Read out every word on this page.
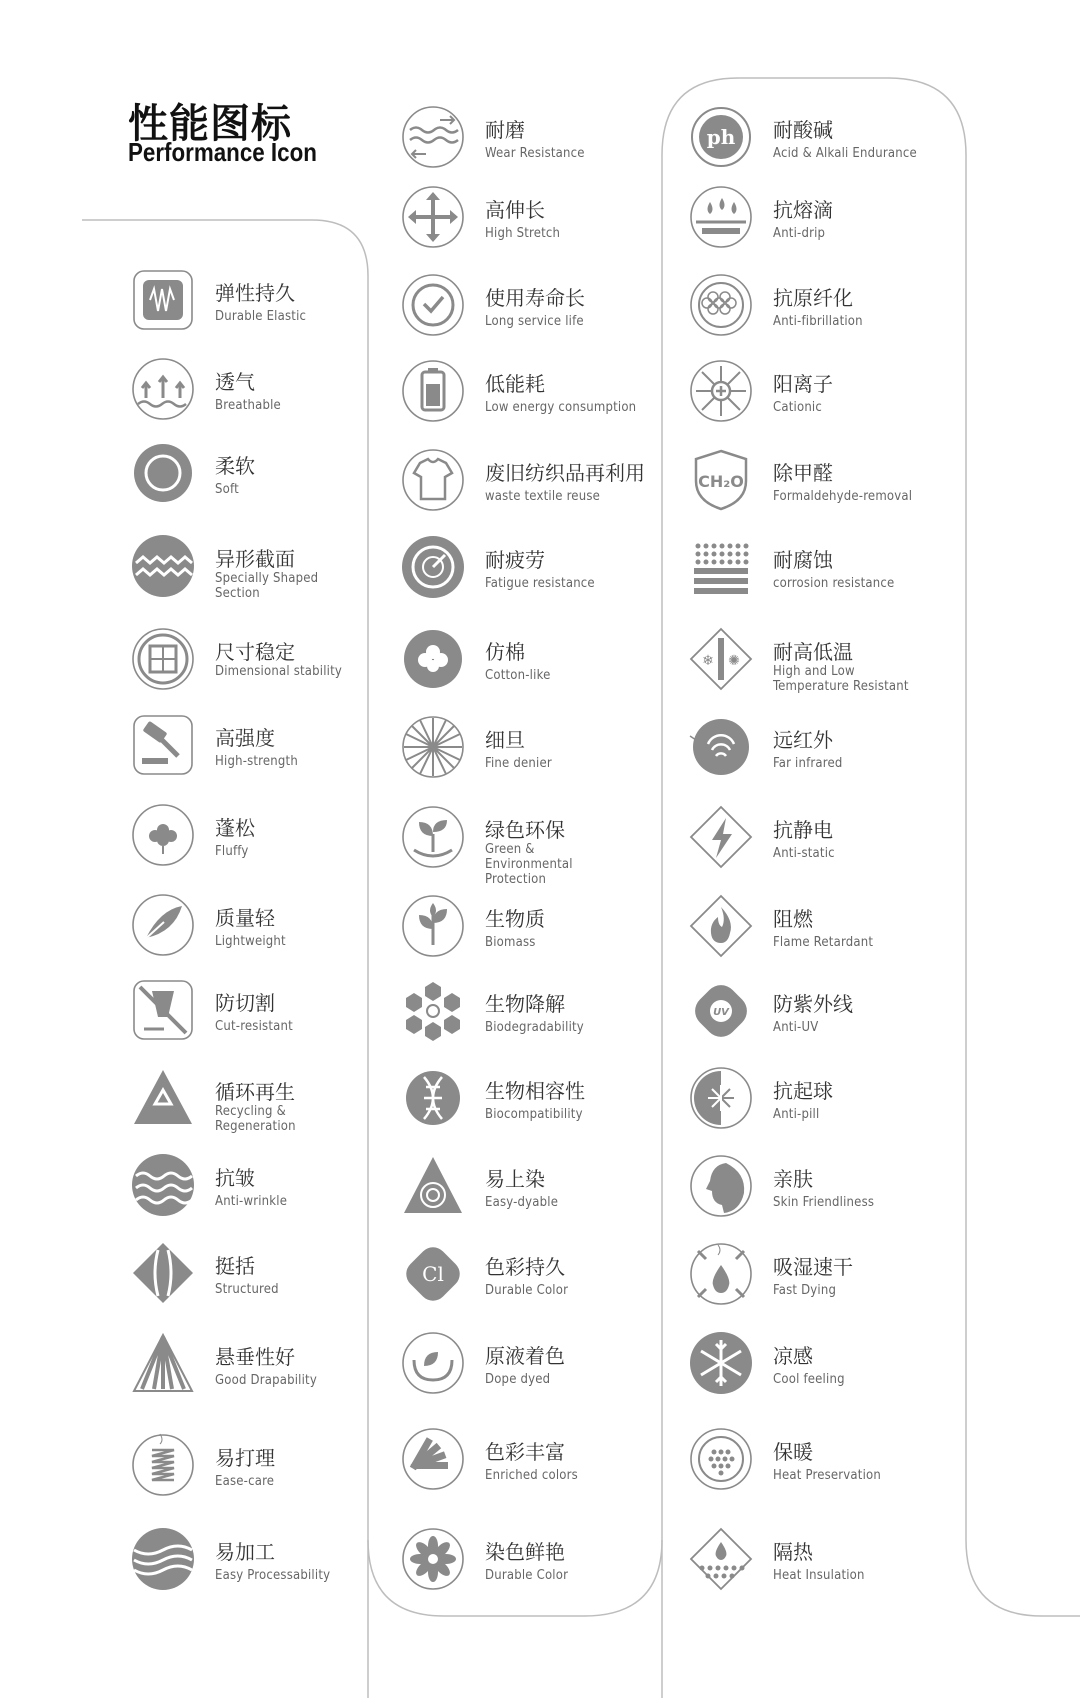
性能图标
Performance Icon
弹性持久
Durable Elastic
透气
Breathable
柔软
Soft
异形截面
Specially Shaped Section
尺寸稳定
Dimensional stability
高强度
High-strength
蓬松
Fluffy
质量轻
Lightweight
防切割
Cut-resistant
循环再生
Recycling & Regeneration
抗皱
Anti-wrinkle
挺括
Structured
悬垂性好
Good Drapability
易打理
Ease-care
易加工
Easy Processability
耐磨
Wear Resistance
高伸长
High Stretch
使用寿命长
Long service life
低能耗
Low energy consumption
废旧纺织品再利用
waste textile reuse
耐疲劳
Fatigue resistance
仿棉
Cotton-like
细旦
Fine denier
绿色环保
Green & Environmental Protection
生物质
Biomass
生物降解
Biodegradability
生物相容性
Biocompatibility
易上染
Easy-dyable
Cl 色彩持久
Durable Color
原液着色
Dope dyed
色彩丰富
Enriched colors
染色鲜艳
Durable Color
ph 耐酸碱
Acid & Alkali Endurance
抗熔滴
Anti-drip
抗原纤化
Anti-fibrillation
阳离子
Cationic
CH₂O 除甲醛
Formaldehyde-removal
耐腐蚀
corrosion resistance
❄ ✺ 耐高低温
High and Low Temperature Resistant
远红外
Far infrared
抗静电
Anti-static
阻燃
Flame Retardant
UV 防紫外线
Anti-UV
抗起球
Anti-pill
亲肤
Skin Friendliness
吸湿速干
Fast Dying
凉感
Cool feeling
保暖
Heat Preservation
隔热
Heat Insulation
